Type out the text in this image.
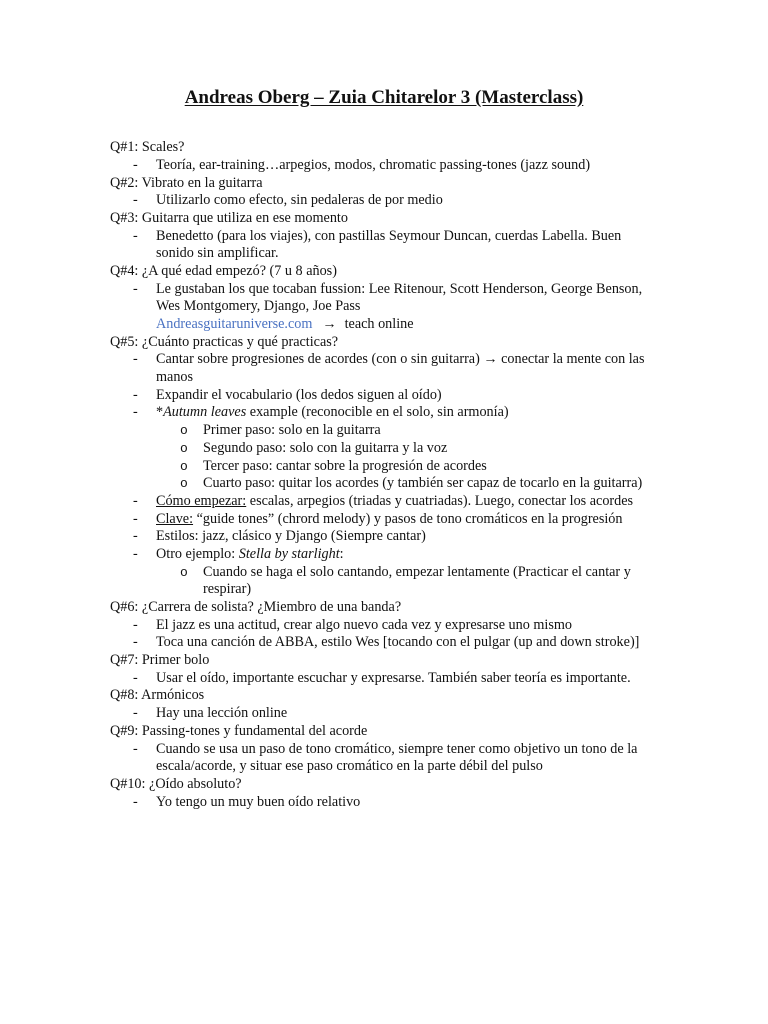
Andreas Oberg – Zuia Chitarelor 3 (Masterclass)
Q#1: Scales?
- Teoría, ear-training…arpegios, modos, chromatic passing-tones (jazz sound)
Q#2: Vibrato en la guitarra
- Utilizarlo como efecto, sin pedaleras de por medio
Q#3: Guitarra que utiliza en ese momento
- Benedetto (para los viajes), con pastillas Seymour Duncan, cuerdas Labella. Buen
sonido sin amplificar.
Q#4: ¿A qué edad empezó? (7 u 8 años)
- Le gustaban los que tocaban fussion: Lee Ritenour, Scott Henderson, George Benson,
Wes Montgomery, Django, Joe Pass
Andreasguitaruniverse.com → teach online
Q#5: ¿Cuánto practicas y qué practicas?
- Cantar sobre progresiones de acordes (con o sin guitarra) → conectar la mente con las
manos
- Expandir el vocabulario (los dedos siguen al oído)
- *Autumn leaves example (reconocible en el solo, sin armonía)
o Primer paso: solo en la guitarra
o Segundo paso: solo con la guitarra y la voz
o Tercer paso: cantar sobre la progresión de acordes
o Cuarto paso: quitar los acordes (y también ser capaz de tocarlo en la guitarra)
- Cómo empezar: escalas, arpegios (triadas y cuatriadas). Luego, conectar los acordes
- Clave: “guide tones” (chrord melody) y pasos de tono cromáticos en la progresión
- Estilos: jazz, clásico y Django (Siempre cantar)
- Otro ejemplo: Stella by starlight:
o Cuando se haga el solo cantando, empezar lentamente (Practicar el cantar y
respirar)
Q#6: ¿Carrera de solista? ¿Miembro de una banda?
- El jazz es una actitud, crear algo nuevo cada vez y expresarse uno mismo
- Toca una canción de ABBA, estilo Wes [tocando con el pulgar (up and down stroke)]
Q#7: Primer bolo
- Usar el oído, importante escuchar y expresarse. También saber teoría es importante.
Q#8: Armónicos
- Hay una lección online
Q#9: Passing-tones y fundamental del acorde
- Cuando se usa un paso de tono cromático, siempre tener como objetivo un tono de la
escala/acorde, y situar ese paso cromático en la parte débil del pulso
Q#10: ¿Oído absoluto?
- Yo tengo un muy buen oído relativo
